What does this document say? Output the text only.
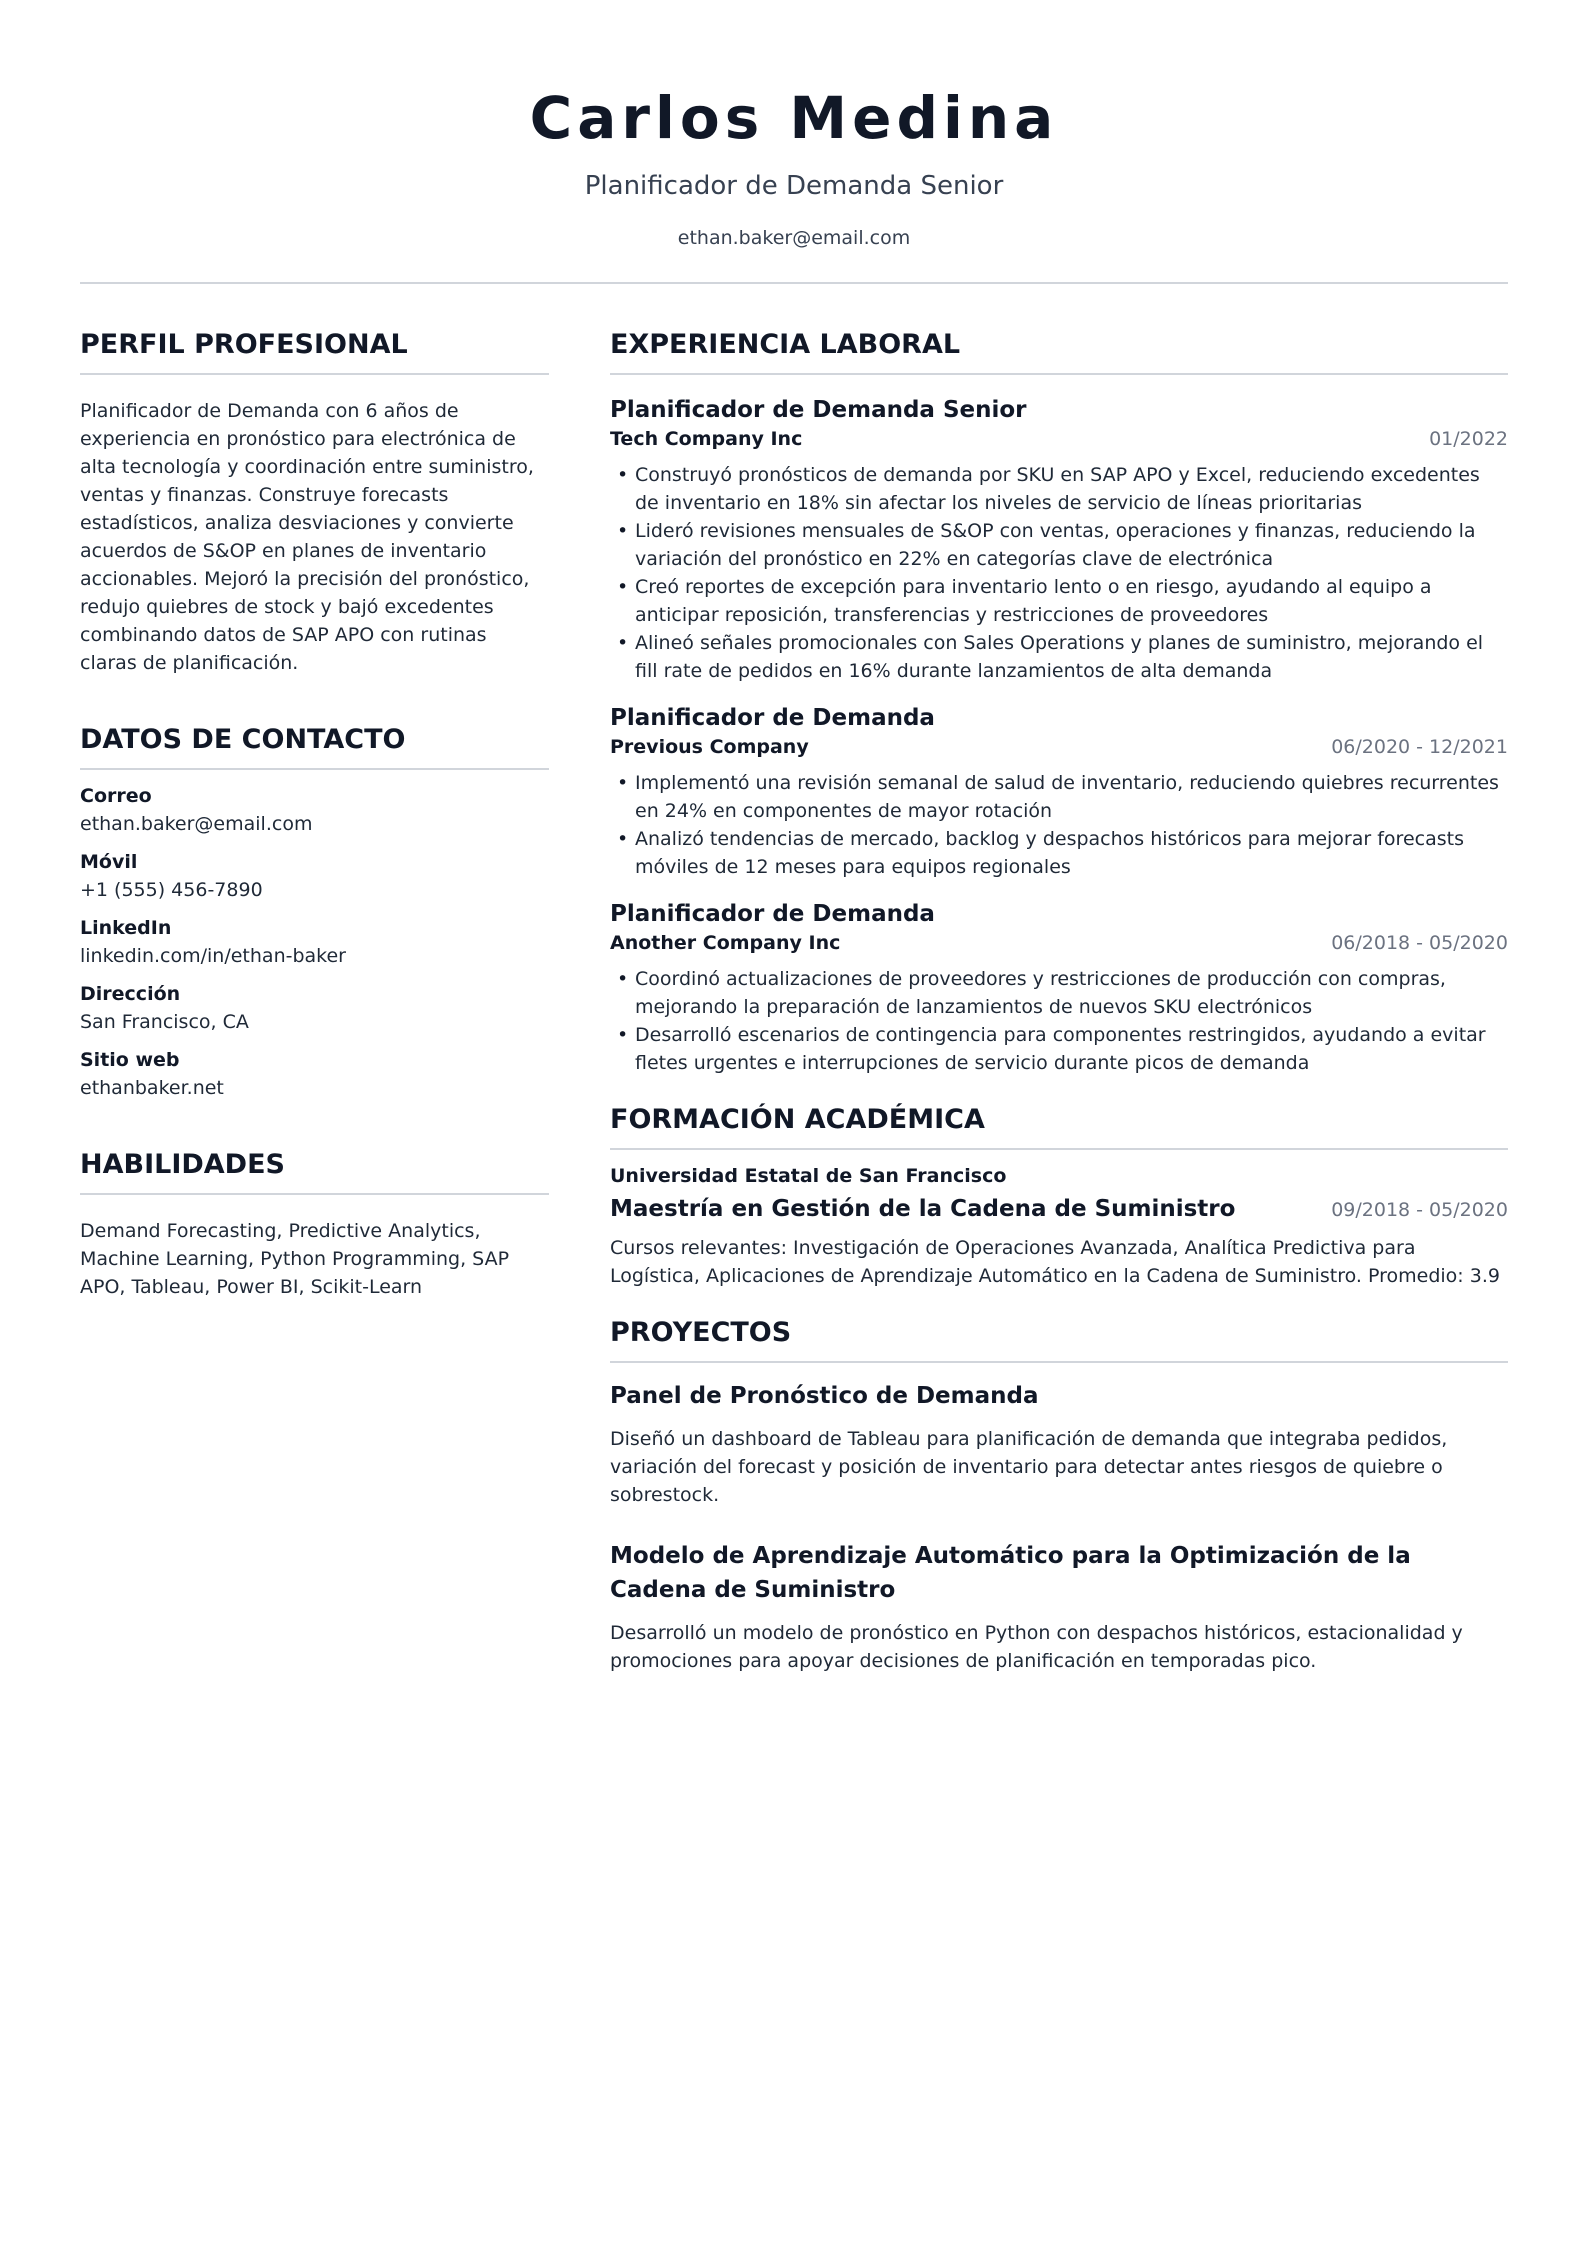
Carlos Medina
Planificador de Demanda Senior
ethan.baker@email.com
PERFIL PROFESIONAL
Planificador de Demanda con 6 años de experiencia en pronóstico para electrónica de alta tecnología y coordinación entre suministro, ventas y finanzas. Construye forecasts estadísticos, analiza desviaciones y convierte acuerdos de S&OP en planes de inventario accionables. Mejoró la precisión del pronóstico, redujo quiebres de stock y bajó excedentes combinando datos de SAP APO con rutinas claras de planificación.
DATOS DE CONTACTO
Correo
ethan.baker@email.com
Móvil
+1 (555) 456-7890
LinkedIn
linkedin.com/in/ethan-baker
Dirección
San Francisco, CA
Sitio web
ethanbaker.net
HABILIDADES
Demand Forecasting, Predictive Analytics, Machine Learning, Python Programming, SAP APO, Tableau, Power BI, Scikit-Learn
EXPERIENCIA LABORAL
Planificador de Demanda Senior
Tech Company Inc	01/2022
• Construyó pronósticos de demanda por SKU en SAP APO y Excel, reduciendo excedentes de inventario en 18% sin afectar los niveles de servicio de líneas prioritarias
• Lideró revisiones mensuales de S&OP con ventas, operaciones y finanzas, reduciendo la variación del pronóstico en 22% en categorías clave de electrónica
• Creó reportes de excepción para inventario lento o en riesgo, ayudando al equipo a anticipar reposición, transferencias y restricciones de proveedores
• Alineó señales promocionales con Sales Operations y planes de suministro, mejorando el fill rate de pedidos en 16% durante lanzamientos de alta demanda
Planificador de Demanda
Previous Company	06/2020 - 12/2021
• Implementó una revisión semanal de salud de inventario, reduciendo quiebres recurrentes en 24% en componentes de mayor rotación
• Analizó tendencias de mercado, backlog y despachos históricos para mejorar forecasts móviles de 12 meses para equipos regionales
Planificador de Demanda
Another Company Inc	06/2018 - 05/2020
• Coordinó actualizaciones de proveedores y restricciones de producción con compras, mejorando la preparación de lanzamientos de nuevos SKU electrónicos
• Desarrolló escenarios de contingencia para componentes restringidos, ayudando a evitar fletes urgentes e interrupciones de servicio durante picos de demanda
FORMACIÓN ACADÉMICA
Universidad Estatal de San Francisco
Maestría en Gestión de la Cadena de Suministro	09/2018 - 05/2020
Cursos relevantes: Investigación de Operaciones Avanzada, Analítica Predictiva para Logística, Aplicaciones de Aprendizaje Automático en la Cadena de Suministro. Promedio: 3.9
PROYECTOS
Panel de Pronóstico de Demanda
Diseñó un dashboard de Tableau para planificación de demanda que integraba pedidos, variación del forecast y posición de inventario para detectar antes riesgos de quiebre o sobrestock.
Modelo de Aprendizaje Automático para la Optimización de la Cadena de Suministro
Desarrolló un modelo de pronóstico en Python con despachos históricos, estacionalidad y promociones para apoyar decisiones de planificación en temporadas pico.
